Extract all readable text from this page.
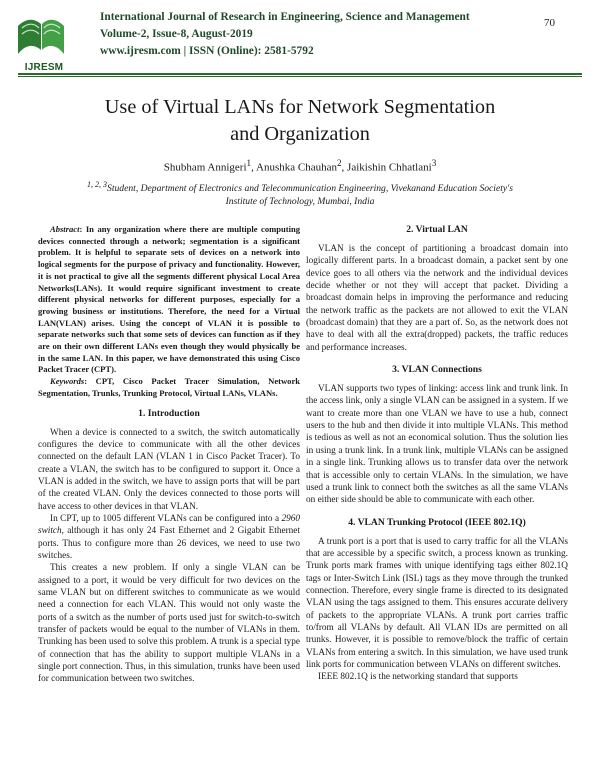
IJRESM
International Journal of Research in Engineering, Science and Management
Volume-2, Issue-8, August-2019
www.ijresm.com | ISSN (Online): 2581-5792
70
Use of Virtual LANs for Network Segmentation
and Organization
Shubham Annigeri$^1$, Anushka Chauhan$^2$, Jaikishin Chhatlani$^3$
$^{1, 2, 3}$Student, Department of Electronics and Telecommunication Engineering, Vivekanand Education Society's
Institute of Technology, Mumbai, India

Abstract: In any organization where there are multiple computing devices connected through a network; segmentation is a significant problem. It is helpful to separate sets of devices on a network into logical segments for the purpose of privacy and functionality. However, it is not practical to give all the segments different physical Local Area Networks(LANs). It would require significant investment to create different physical networks for different purposes, especially for a growing business or institutions. Therefore, the need for a Virtual LAN(VLAN) arises. Using the concept of VLAN it is possible to separate networks such that some sets of devices can function as if they are on their own different LANs even though they would physically be in the same LAN. In this paper, we have demonstrated this using Cisco Packet Tracer (CPT).

Keywords: CPT, Cisco Packet Tracer Simulation, Network Segmentation, Trunks, Trunking Protocol, Virtual LANs, VLANs.

1. Introduction

When a device is connected to a switch, the switch automatically configures the device to communicate with all the other devices connected on the default LAN (VLAN 1 in Cisco Packet Tracer). To create a VLAN, the switch has to be configured to support it. Once a VLAN is added in the switch, we have to assign ports that will be part of the created VLAN. Only the devices connected to those ports will have access to other devices in that VLAN.

In CPT, up to 1005 different VLANs can be configured into a 2960 switch, although it has only 24 Fast Ethernet and 2 Gigabit Ethernet ports. Thus to configure more than 26 devices, we need to use two switches.

This creates a new problem. If only a single VLAN can be assigned to a port, it would be very difficult for two devices on the same VLAN but on different switches to communicate as we would need a connection for each VLAN. This would not only waste the ports of a switch as the number of ports used just for switch-to-switch transfer of packets would be equal to the number of VLANs in them. Trunking has been used to solve this problem. A trunk is a special type of connection that has the ability to support multiple VLANs in a single port connection. Thus, in this simulation, trunks have been used for communication between two switches.

2. Virtual LAN

VLAN is the concept of partitioning a broadcast domain into logically different parts. In a broadcast domain, a packet sent by one device goes to all others via the network and the individual devices decide whether or not they will accept that packet. Dividing a broadcast domain helps in improving the performance and reducing the network traffic as the packets are not allowed to exit the VLAN (broadcast domain) that they are a part of. So, as the network does not have to deal with all the extra(dropped) packets, the traffic reduces and performance increases.

3. VLAN Connections

VLAN supports two types of linking: access link and trunk link. In the access link, only a single VLAN can be assigned in a system. If we want to create more than one VLAN we have to use a hub, connect users to the hub and then divide it into multiple VLANs. This method is tedious as well as not an economical solution. Thus the solution lies in using a trunk link. In a trunk link, multiple VLANs can be assigned in a single link. Trunking allows us to transfer data over the network that is accessible only to certain VLANs. In the simulation, we have used a trunk link to connect both the switches as all the same VLANs on either side should be able to communicate with each other.

4. VLAN Trunking Protocol (IEEE 802.1Q)

A trunk port is a port that is used to carry traffic for all the VLANs that are accessible by a specific switch, a process known as trunking. Trunk ports mark frames with unique identifying tags either 802.1Q tags or Inter-Switch Link (ISL) tags as they move through the trunked connection. Therefore, every single frame is directed to its designated VLAN using the tags assigned to them. This ensures accurate delivery of packets to the appropriate VLANs. A trunk port carries traffic to/from all VLANs by default. All VLAN IDs are permitted on all trunks. However, it is possible to remove/block the traffic of certain VLANs from entering a switch. In this simulation, we have used trunk link ports for communication between VLANs on different switches.

IEEE 802.1Q is the networking standard that supports
